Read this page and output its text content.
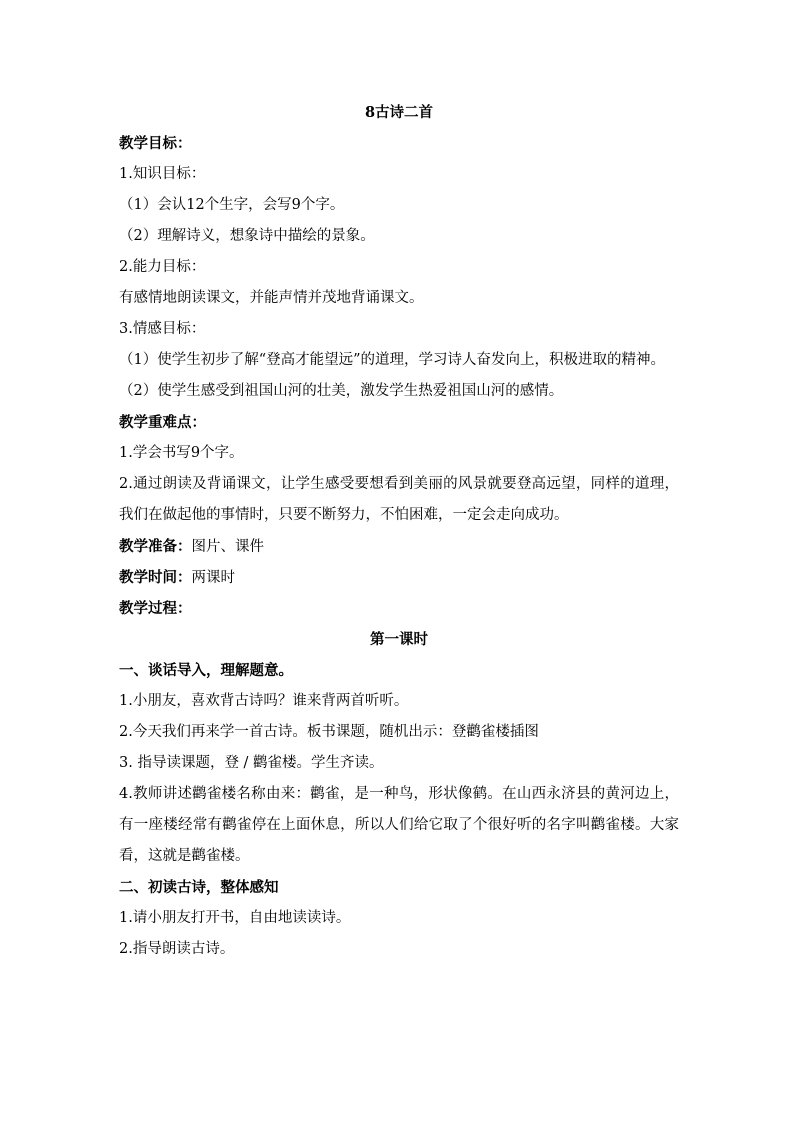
8古诗二首
教学目标：
1.知识目标：
（1）会认12个生字，会写9个字。
（2）理解诗义，想象诗中描绘的景象。
2.能力目标：
有感情地朗读课文，并能声情并茂地背诵课文。
3.情感目标：
（1）使学生初步了解“登高才能望远”的道理，学习诗人奋发向上，积极进取的精神。
（2）使学生感受到祖国山河的壮美，激发学生热爱祖国山河的感情。
教学重难点：
1.学会书写9个字。
2.通过朗读及背诵课文，让学生感受要想看到美丽的风景就要登高远望，同样的道理，我们在做起他的事情时，只要不断努力，不怕困难，一定会走向成功。
教学准备：图片、课件
教学时间：两课时
教学过程：
第一课时
一、谈话导入，理解题意。
1.小朋友，喜欢背古诗吗？谁来背两首听听。
2.今天我们再来学一首古诗。板书课题，随机出示：登鹳雀楼插图
3. 指导读课题，登 / 鹳雀楼。学生齐读。
4.教师讲述鹳雀楼名称由来：鹳雀，是一种鸟，形状像鹤。在山西永济县的黄河边上，有一座楼经常有鹳雀停在上面休息，所以人们给它取了个很好听的名字叫鹳雀楼。大家看，这就是鹳雀楼。
二、初读古诗，整体感知
1.请小朋友打开书，自由地读读诗。
2.指导朗读古诗。
